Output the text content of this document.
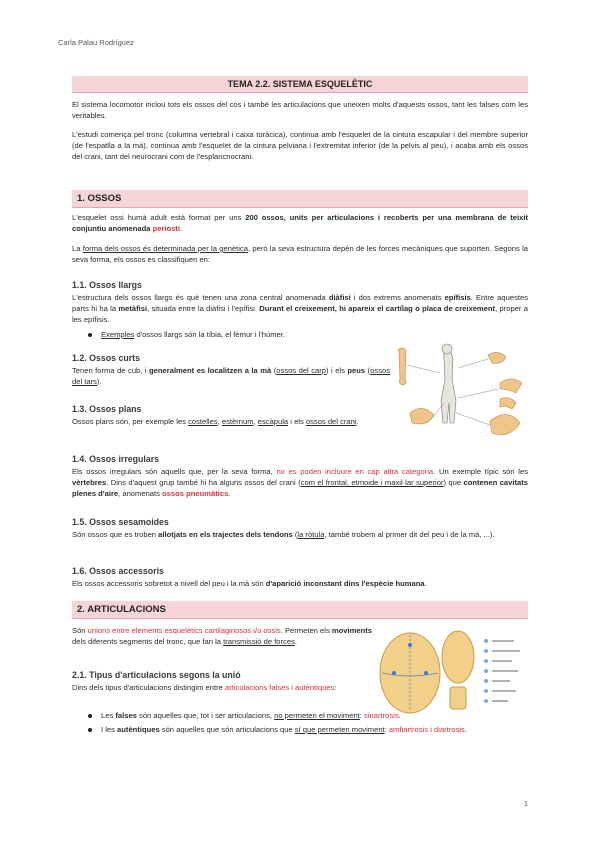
Carla Palau Rodríguez
TEMA 2.2. SISTEMA ESQUELÈTIC
El sistema locomotor inclou tots els ossos del cos i també les articulacions que uneixen molts d'aquests ossos, tant les falses com les veritables.
L'estudi comença pel tronc (columna vertebral i caixa toràcica), continua amb l'esquelet de la cintura escapular i del membre superior (de l'espatlla a la mà), continua amb l'esquelet de la cintura pelviana i l'extremitat inferior (de la pelvis al peu), i acaba amb els ossos del crani, tant del neurocrani com de l'esplancnocrani.
1. OSSOS
L'esquelet ossi humà adult està format per uns 200 ossos, units per articulacions i recoberts per una membrana de teixit conjuntiu anomenada periosti.
La forma dels ossos és determinada per la genètica, però la seva estructura depèn de les forces mecàniques que suporten. Segons la seva forma, els ossos es classifiquen en:
1.1. Ossos llargs
L'estructura dels ossos llargs és què tenen una zona central anomenada diàfisi i dos extrems anomenats epífisis. Entre aquestes parts hi ha la metàfisi, situada entre la diàfisi i l'epífisi. Durant el creixement, hi apareix el cartílag o placa de creixement, proper a les epífisis.
Exemples d'ossos llargs són la tíbia, el fèmur i l'húmer.
1.2. Ossos curts
Tenen forma de cub, i generalment es localitzen a la mà (ossos del carp) i els peus (ossos del tars).
1.3. Ossos plans
Ossos plans són, per exemple les costelles, estèrnum, escàpula i els ossos del crani.
1.4. Ossos irregulars
Els ossos irregulars són aquells que, per la seva forma, no es poden incloure en cap altra categoria. Un exemple típic són les vèrtebres. Dins d'aquest grup també hi ha alguns ossos del crani (com el frontal, etmoide i maxil·lar superior) que contenen cavitats plenes d'aire, anomenats ossos pneumàtics.
1.5. Ossos sesamoides
Són ossos que es troben allotjats en els trajectes dels tendons (la ròtula, també trobem al primer dit del peu i de la mà, ...).
1.6. Ossos accessoris
Els ossos accessoris sobretot a nivell del peu i la mà són d'aparició inconstant dins l'espècie humana.
2. ARTICULACIONS
Són unions entre elements esquelètics cartilaginosos i/o ossis. Permeten els moviments dels diferents segments del tronc, que fan la transmissió de forces.
2.1. Tipus d'articulacions segons la unió
Dins dels tipus d'articulacions distingim entre articulacions falses i autèntiques:
Les falses són aquelles que, tot i ser articulacions, no permeten el moviment: sinartrosis.
I les autèntiques són aquelles que són articulacions que sí que permeten moviment: amfiartrosis i diartrosis.
1
